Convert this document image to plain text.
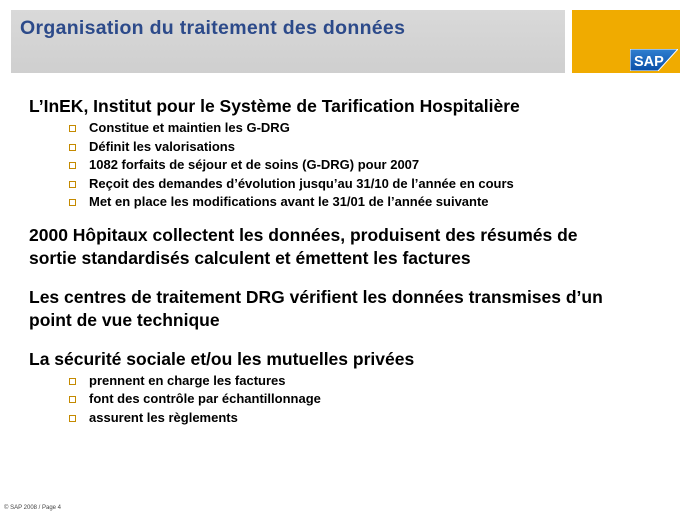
Organisation du traitement des données
SAP

L’InEK, Institut pour le Système de Tarification Hospitalière

Constitue et maintien les G-DRG
Définit les valorisations
1082 forfaits de séjour et de soins (G-DRG) pour 2007
Reçoit des demandes d’évolution jusqu’au 31/10 de l’année en cours
Met en place les modifications avant le 31/01 de l’année suivante

2000 Hôpitaux collectent les données, produisent des résumés de

sortie standardisés calculent et émettent les factures

Les centres de traitement DRG vérifient les données transmises d’un

point de vue technique

La sécurité sociale et/ou les mutuelles privées

prennent en charge les factures
font des contrôle par échantillonnage
assurent les règlements
© SAP 2008 / Page 4
